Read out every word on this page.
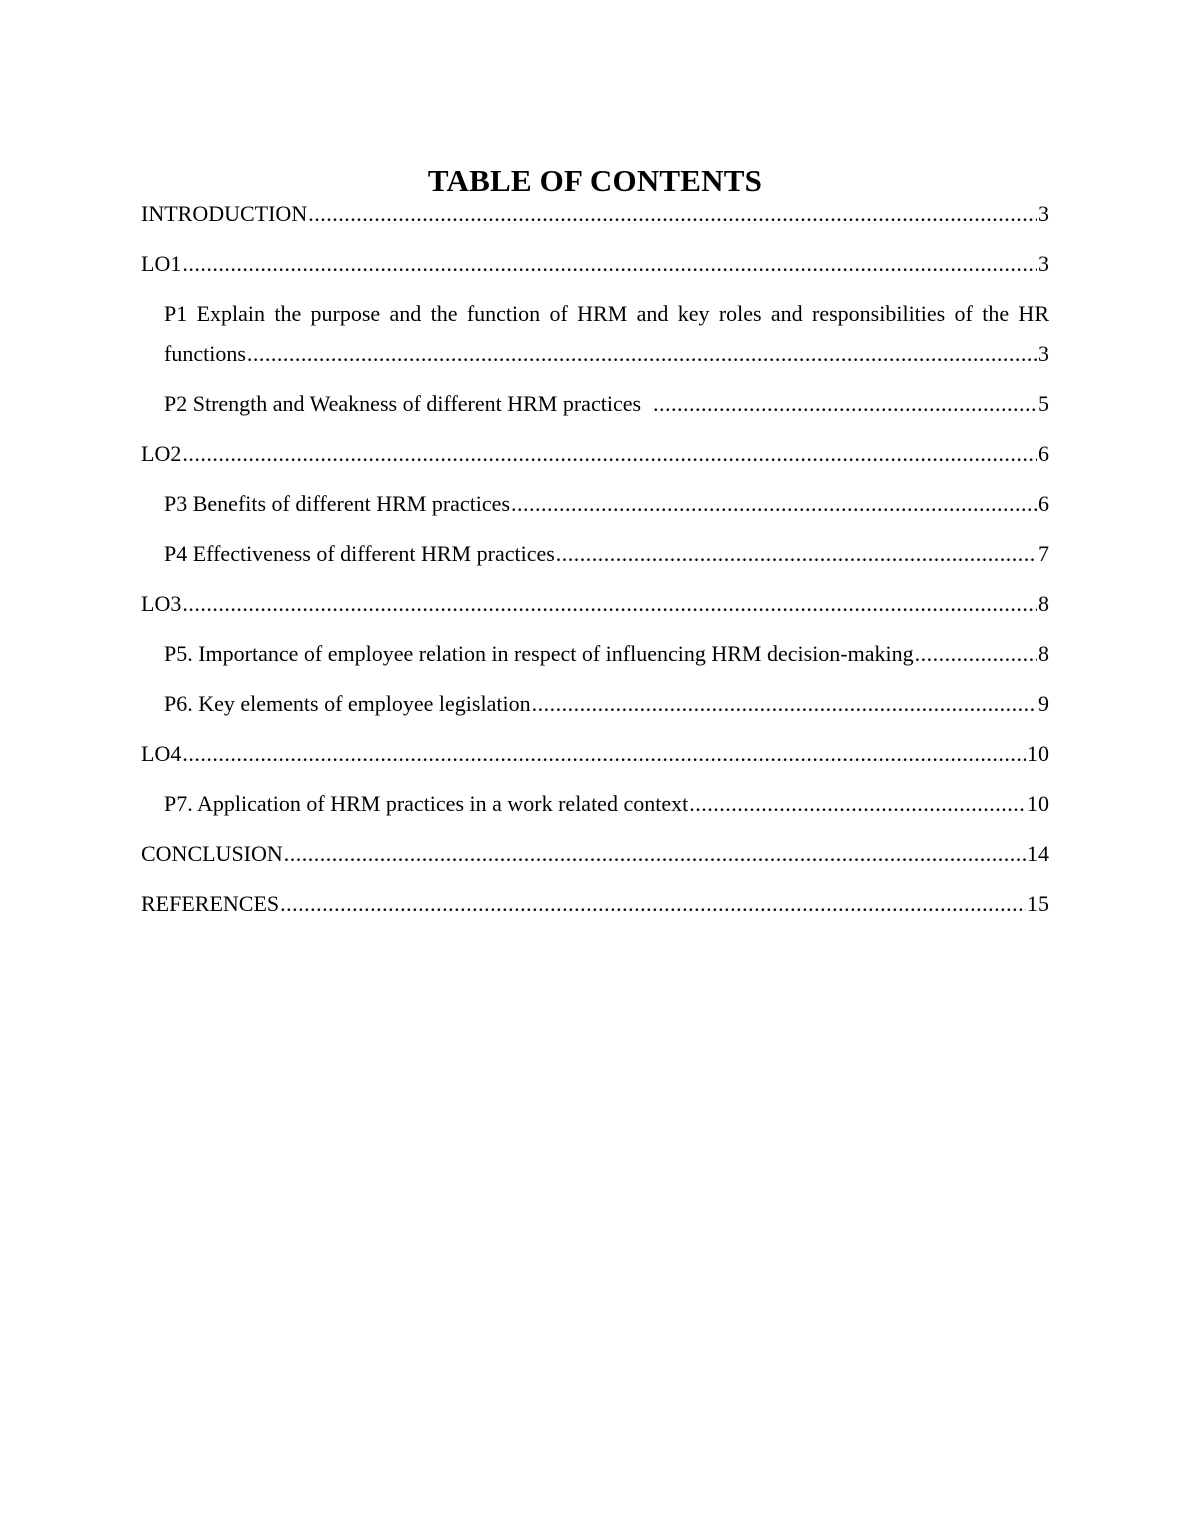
TABLE OF CONTENTS
INTRODUCTION .....	3
LO1 .....	3
P1 Explain the purpose and the function of HRM and key roles and responsibilities of the HR
functions .....	3
P2 Strength and Weakness of different HRM practices .....	5
LO2 .....	6
P3 Benefits of different HRM practices .....	6
P4 Effectiveness of different HRM practices .....	7
LO3 .....	8
P5. Importance of employee relation in respect of influencing HRM decision-making .....	8
P6. Key elements of employee legislation .....	9
LO4 .....	10
P7. Application of HRM practices in a work related context .....	10
CONCLUSION .....	14
REFERENCES .....	15
